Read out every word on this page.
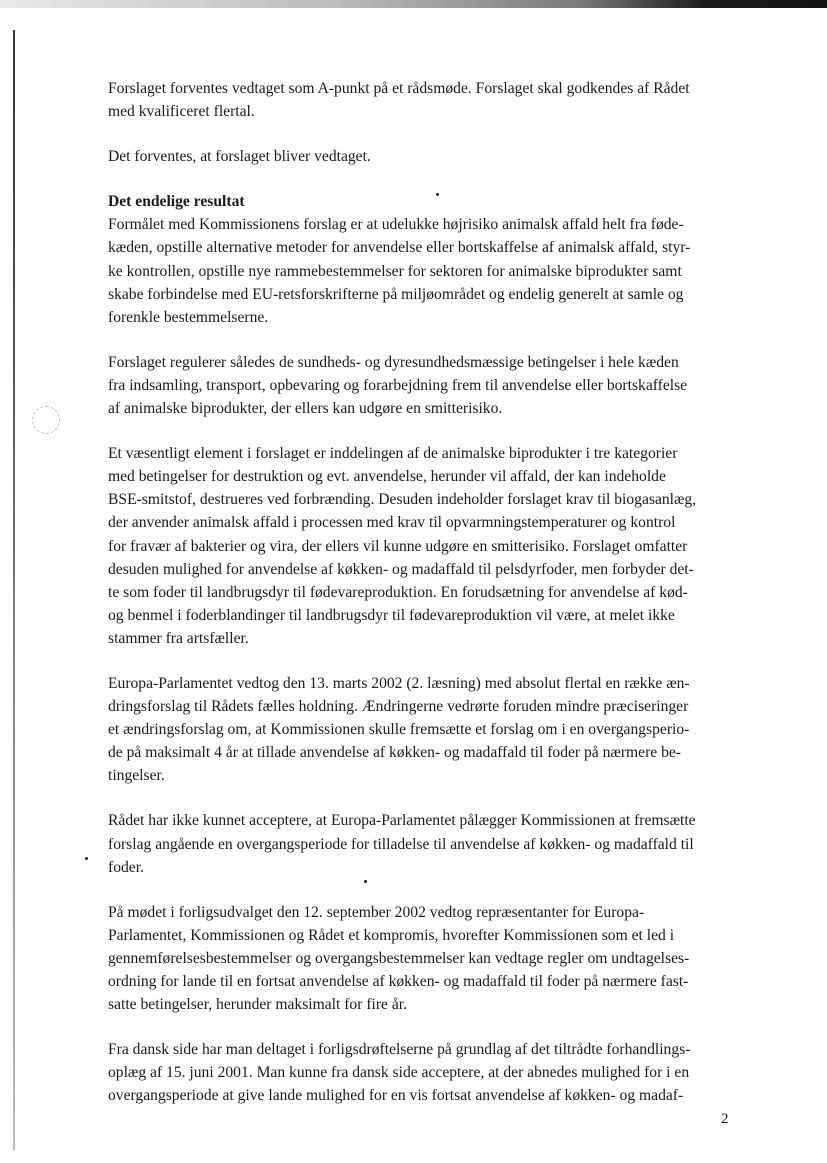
Forslaget forventes vedtaget som A-punkt på et rådsmøde. Forslaget skal godkendes af Rådet
med kvalificeret flertal.
Det forventes, at forslaget bliver vedtaget.
Det endelige resultat
Formålet med Kommissionens forslag er at udelukke højrisiko animalsk affald helt fra føde-
kæden, opstille alternative metoder for anvendelse eller bortskaffelse af animalsk affald, styr-
ke kontrollen, opstille nye rammebestemmelser for sektoren for animalske biprodukter samt
skabe forbindelse med EU-retsforskrifterne på miljøområdet og endelig generelt at samle og
forenkle bestemmelserne.
Forslaget regulerer således de sundheds- og dyresundhedsmæssige betingelser i hele kæden
fra indsamling, transport, opbevaring og forarbejdning frem til anvendelse eller bortskaffelse
af animalske biprodukter, der ellers kan udgøre en smitterisiko.
Et væsentligt element i forslaget er inddelingen af de animalske biprodukter i tre kategorier
med betingelser for destruktion og evt. anvendelse, herunder vil affald, der kan indeholde
BSE-smitstof, destrueres ved forbrænding. Desuden indeholder forslaget krav til biogasanlæg,
der anvender animalsk affald i processen med krav til opvarmningstemperaturer og kontrol
for fravær af bakterier og vira, der ellers vil kunne udgøre en smitterisiko. Forslaget omfatter
desuden mulighed for anvendelse af køkken- og madaffald til pelsdyrfoder, men forbyder det-
te som foder til landbrugsdyr til fødevareproduktion. En forudsætning for anvendelse af kød-
og benmel i foderblandinger til landbrugsdyr til fødevareproduktion vil være, at melet ikke
stammer fra artsfæller.
Europa-Parlamentet vedtog den 13. marts 2002 (2. læsning) med absolut flertal en række æn-
dringsforslag til Rådets fælles holdning. Ændringerne vedrørte foruden mindre præciseringer
et ændringsforslag om, at Kommissionen skulle fremsætte et forslag om i en overgangsperio-
de på maksimalt 4 år at tillade anvendelse af køkken- og madaffald til foder på nærmere be-
tingelser.
Rådet har ikke kunnet acceptere, at Europa-Parlamentet pålægger Kommissionen at fremsætte
forslag angående en overgangsperiode for tilladelse til anvendelse af køkken- og madaffald til
foder.
På mødet i forligsudvalget den 12. september 2002 vedtog repræsentanter for Europa-
Parlamentet, Kommissionen og Rådet et kompromis, hvorefter Kommissionen som et led i
gennemførelsesbestemmelser og overgangsbestemmelser kan vedtage regler om undtagelses-
ordning for lande til en fortsat anvendelse af køkken- og madaffald til foder på nærmere fast-
satte betingelser, herunder maksimalt for fire år.
Fra dansk side har man deltaget i forligsdrøftelserne på grundlag af det tiltrådte forhandlings-
oplæg af 15. juni 2001. Man kunne fra dansk side acceptere, at der abnedes mulighed for i en
overgangsperiode at give lande mulighed for en vis fortsat anvendelse af køkken- og madaf-
2
